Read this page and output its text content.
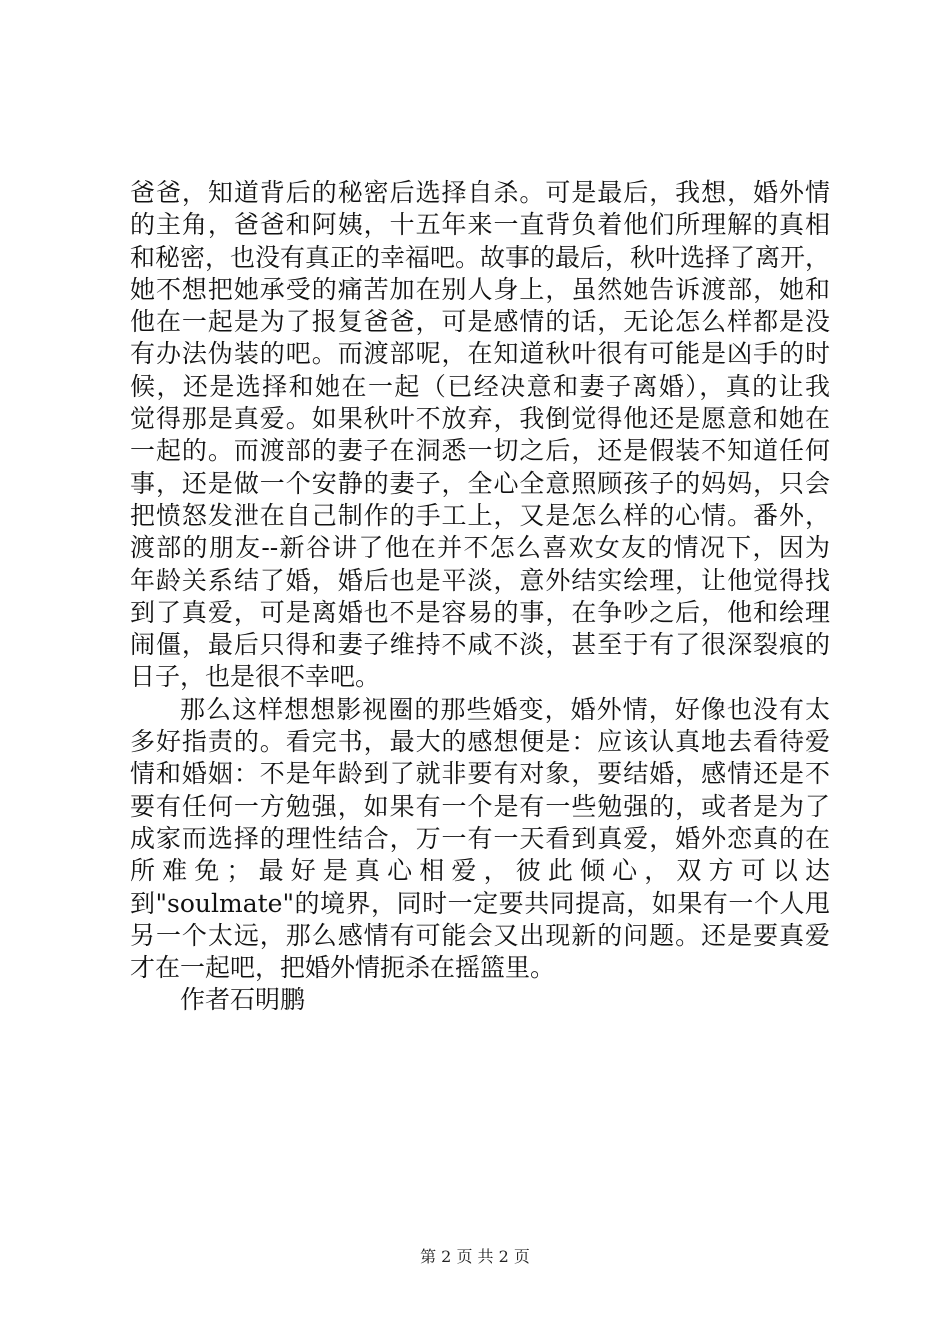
爸爸，知道背后的秘密后选择自杀。可是最后，我想，婚外情
的主角，爸爸和阿姨，十五年来一直背负着他们所理解的真相
和秘密，也没有真正的幸福吧。故事的最后，秋叶选择了离开，
她不想把她承受的痛苦加在别人身上，虽然她告诉渡部，她和
他在一起是为了报复爸爸，可是感情的话，无论怎么样都是没
有办法伪装的吧。而渡部呢，在知道秋叶很有可能是凶手的时
候，还是选择和她在一起（已经决意和妻子离婚），真的让我
觉得那是真爱。如果秋叶不放弃，我倒觉得他还是愿意和她在
一起的。而渡部的妻子在洞悉一切之后，还是假装不知道任何
事，还是做一个安静的妻子，全心全意照顾孩子的妈妈，只会
把愤怒发泄在自己制作的手工上，又是怎么样的心情。番外，
渡部的朋友--新谷讲了他在并不怎么喜欢女友的情况下，因为
年龄关系结了婚，婚后也是平淡，意外结实绘理，让他觉得找
到了真爱，可是离婚也不是容易的事，在争吵之后，他和绘理
闹僵，最后只得和妻子维持不咸不淡，甚至于有了很深裂痕的
日子，也是很不幸吧。
那么这样想想影视圈的那些婚变，婚外情，好像也没有太
多好指责的。看完书，最大的感想便是：应该认真地去看待爱
情和婚姻：不是年龄到了就非要有对象，要结婚，感情还是不
要有任何一方勉强，如果有一个是有一些勉强的，或者是为了
成家而选择的理性结合，万一有一天看到真爱，婚外恋真的在
所难免；最好是真心相爱，彼此倾心，双方可以达
到"soulmate"的境界，同时一定要共同提高，如果有一个人甩
另一个太远，那么感情有可能会又出现新的问题。还是要真爱
才在一起吧，把婚外情扼杀在摇篮里。
作者石明鹏
第 2 页 共 2 页
